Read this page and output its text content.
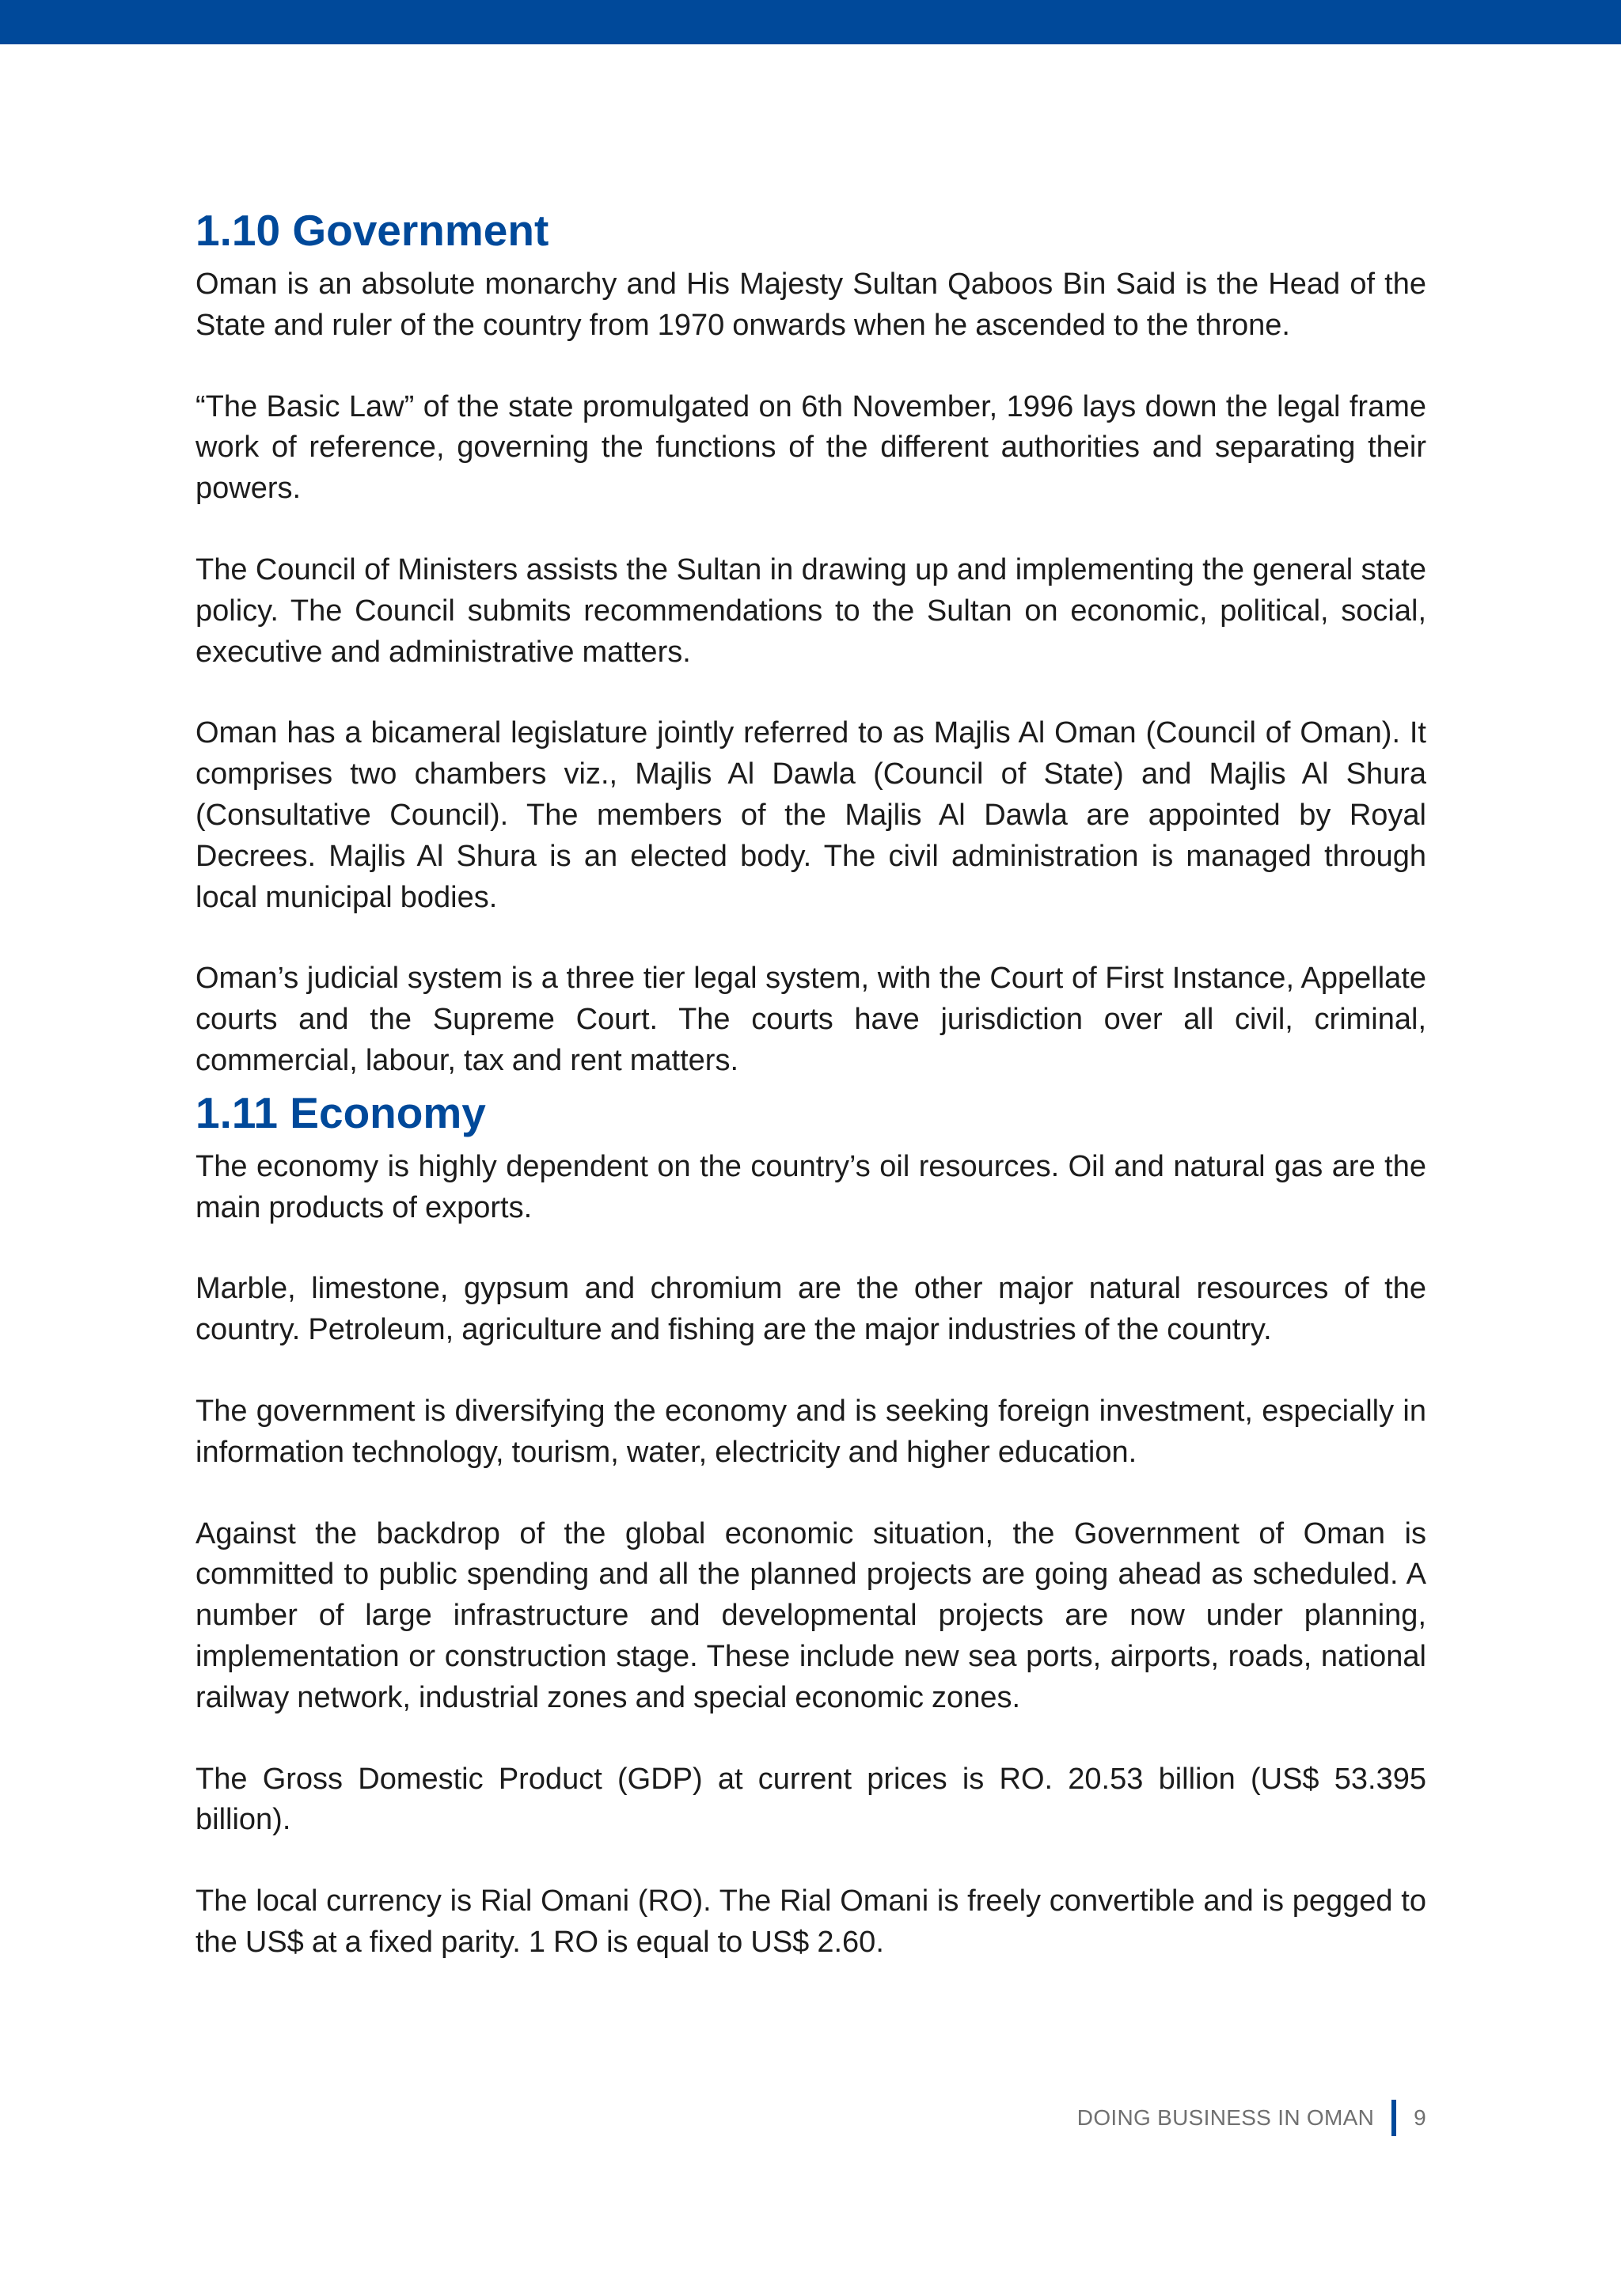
1.10 Government

Oman is an absolute monarchy and His Majesty Sultan Qaboos Bin Said is the Head of the State and ruler of the country from 1970 onwards when he ascended to the throne.

“The Basic Law” of the state promulgated on 6th November, 1996 lays down the legal frame work of reference, governing the functions of the different authorities and separating their powers.

The Council of Ministers assists the Sultan in drawing up and implementing the general state policy. The Council submits recommendations to the Sultan on economic, political, social, executive and administrative matters.

Oman has a bicameral legislature jointly referred to as Majlis Al Oman (Council of Oman). It comprises two chambers viz., Majlis Al Dawla (Council of State) and Majlis Al Shura (Consultative Council). The members of the Majlis Al Dawla are appointed by Royal Decrees. Majlis Al Shura is an elected body. The civil administration is managed through local municipal bodies.

Oman’s judicial system is a three tier legal system, with the Court of First Instance, Appellate courts and the Supreme Court. The courts have jurisdiction over all civil, criminal, commercial, labour, tax and rent matters.

1.11 Economy

The economy is highly dependent on the country’s oil resources. Oil and natural gas are the main products of exports.

Marble, limestone, gypsum and chromium are the other major natural resources of the country. Petroleum, agriculture and fishing are the major industries of the country.

The government is diversifying the economy and is seeking foreign investment, especially in information technology, tourism, water, electricity and higher education.

Against the backdrop of the global economic situation, the Government of Oman is committed to public spending and all the planned projects are going ahead as scheduled. A number of large infrastructure and developmental projects are now under planning, implementation or construction stage. These include new sea ports, airports, roads, national railway network, industrial zones and special economic zones.

The Gross Domestic Product (GDP) at current prices is RO. 20.53 billion (US$ 53.395 billion).

The local currency is Rial Omani (RO). The Rial Omani is freely convertible and is pegged to the US$ at a fixed parity. 1 RO is equal to US$ 2.60.

DOING BUSINESS IN OMAN 9
